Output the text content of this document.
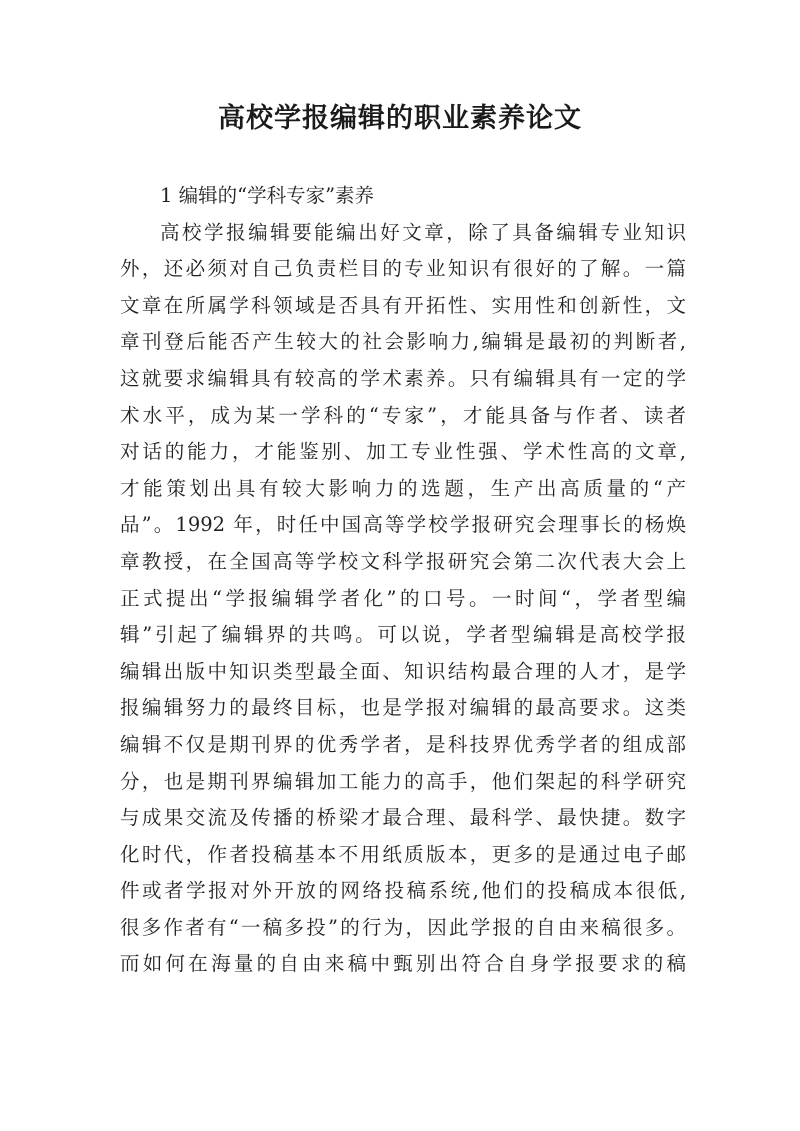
高校学报编辑的职业素养论文
1 编辑的“学科专家”素养
高校学报编辑要能编出好文章，除了具备编辑专业知识
外，还必须对自己负责栏目的专业知识有很好的了解。一篇
文章在所属学科领域是否具有开拓性、实用性和创新性，文
章刊登后能否产生较大的社会影响力,编辑是最初的判断者,
这就要求编辑具有较高的学术素养。只有编辑具有一定的学
术水平，成为某一学科的“专家”，才能具备与作者、读者
对话的能力，才能鉴别、加工专业性强、学术性高的文章,
才能策划出具有较大影响力的选题，生产出高质量的“产
品”。1992 年，时任中国高等学校学报研究会理事长的杨焕
章教授，在全国高等学校文科学报研究会第二次代表大会上
正式提出“学报编辑学者化”的口号。一时间“，学者型编
辑”引起了编辑界的共鸣。可以说，学者型编辑是高校学报
编辑出版中知识类型最全面、知识结构最合理的人才，是学
报编辑努力的最终目标，也是学报对编辑的最高要求。这类
编辑不仅是期刊界的优秀学者，是科技界优秀学者的组成部
分，也是期刊界编辑加工能力的高手，他们架起的科学研究
与成果交流及传播的桥梁才最合理、最科学、最快捷。数字
化时代，作者投稿基本不用纸质版本，更多的是通过电子邮
件或者学报对外开放的网络投稿系统,他们的投稿成本很低,
很多作者有“一稿多投”的行为，因此学报的自由来稿很多。
而如何在海量的自由来稿中甄别出符合自身学报要求的稿
